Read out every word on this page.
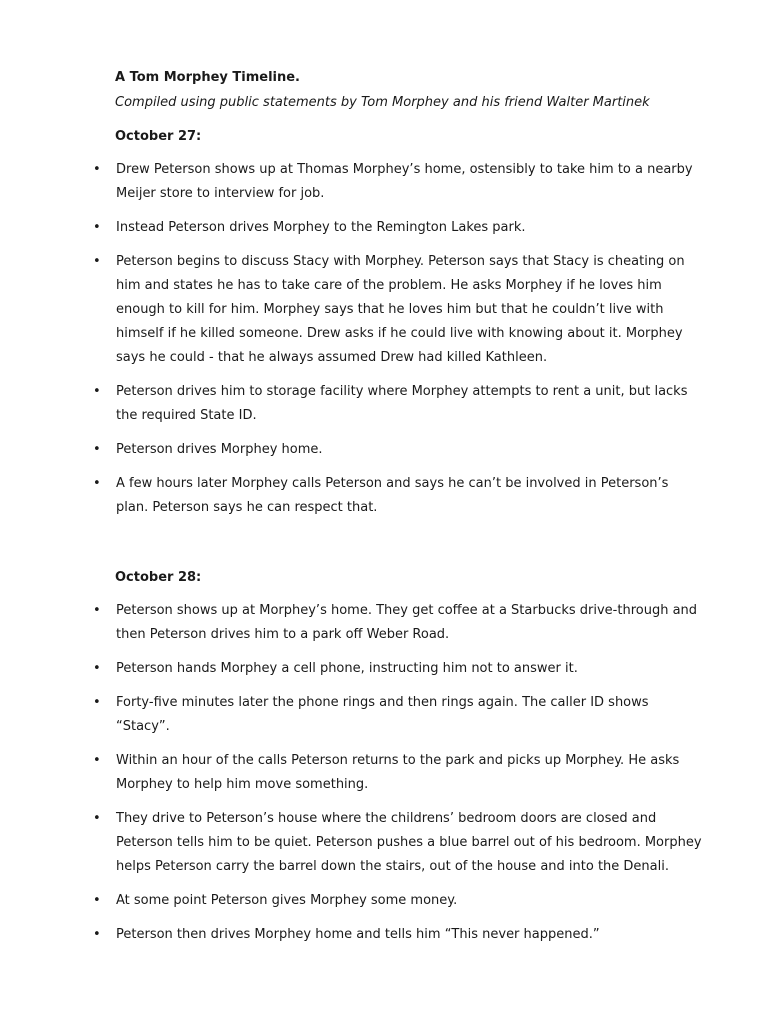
A Tom Morphey Timeline.
Compiled using public statements by Tom Morphey and his friend Walter Martinek
October 27:
• Drew Peterson shows up at Thomas Morphey’s home, ostensibly to take him to a nearby Meijer store to interview for job.
• Instead Peterson drives Morphey to the Remington Lakes park.
• Peterson begins to discuss Stacy with Morphey. Peterson says that Stacy is cheating on him and states he has to take care of the problem. He asks Morphey if he loves him enough to kill for him. Morphey says that he loves him but that he couldn’t live with himself if he killed someone. Drew asks if he could live with knowing about it. Morphey says he could - that he always assumed Drew had killed Kathleen.
• Peterson drives him to storage facility where Morphey attempts to rent a unit, but lacks the required State ID.
• Peterson drives Morphey home.
• A few hours later Morphey calls Peterson and says he can’t be involved in Peterson’s plan. Peterson says he can respect that.
October 28:
• Peterson shows up at Morphey’s home. They get coffee at a Starbucks drive-through and then Peterson drives him to a park off Weber Road.
• Peterson hands Morphey a cell phone, instructing him not to answer it.
• Forty-five minutes later the phone rings and then rings again. The caller ID shows “Stacy”.
• Within an hour of the calls Peterson returns to the park and picks up Morphey. He asks Morphey to help him move something.
• They drive to Peterson’s house where the childrens’ bedroom doors are closed and Peterson tells him to be quiet. Peterson pushes a blue barrel out of his bedroom. Morphey helps Peterson carry the barrel down the stairs, out of the house and into the Denali.
• At some point Peterson gives Morphey some money.
• Peterson then drives Morphey home and tells him “This never happened.”
